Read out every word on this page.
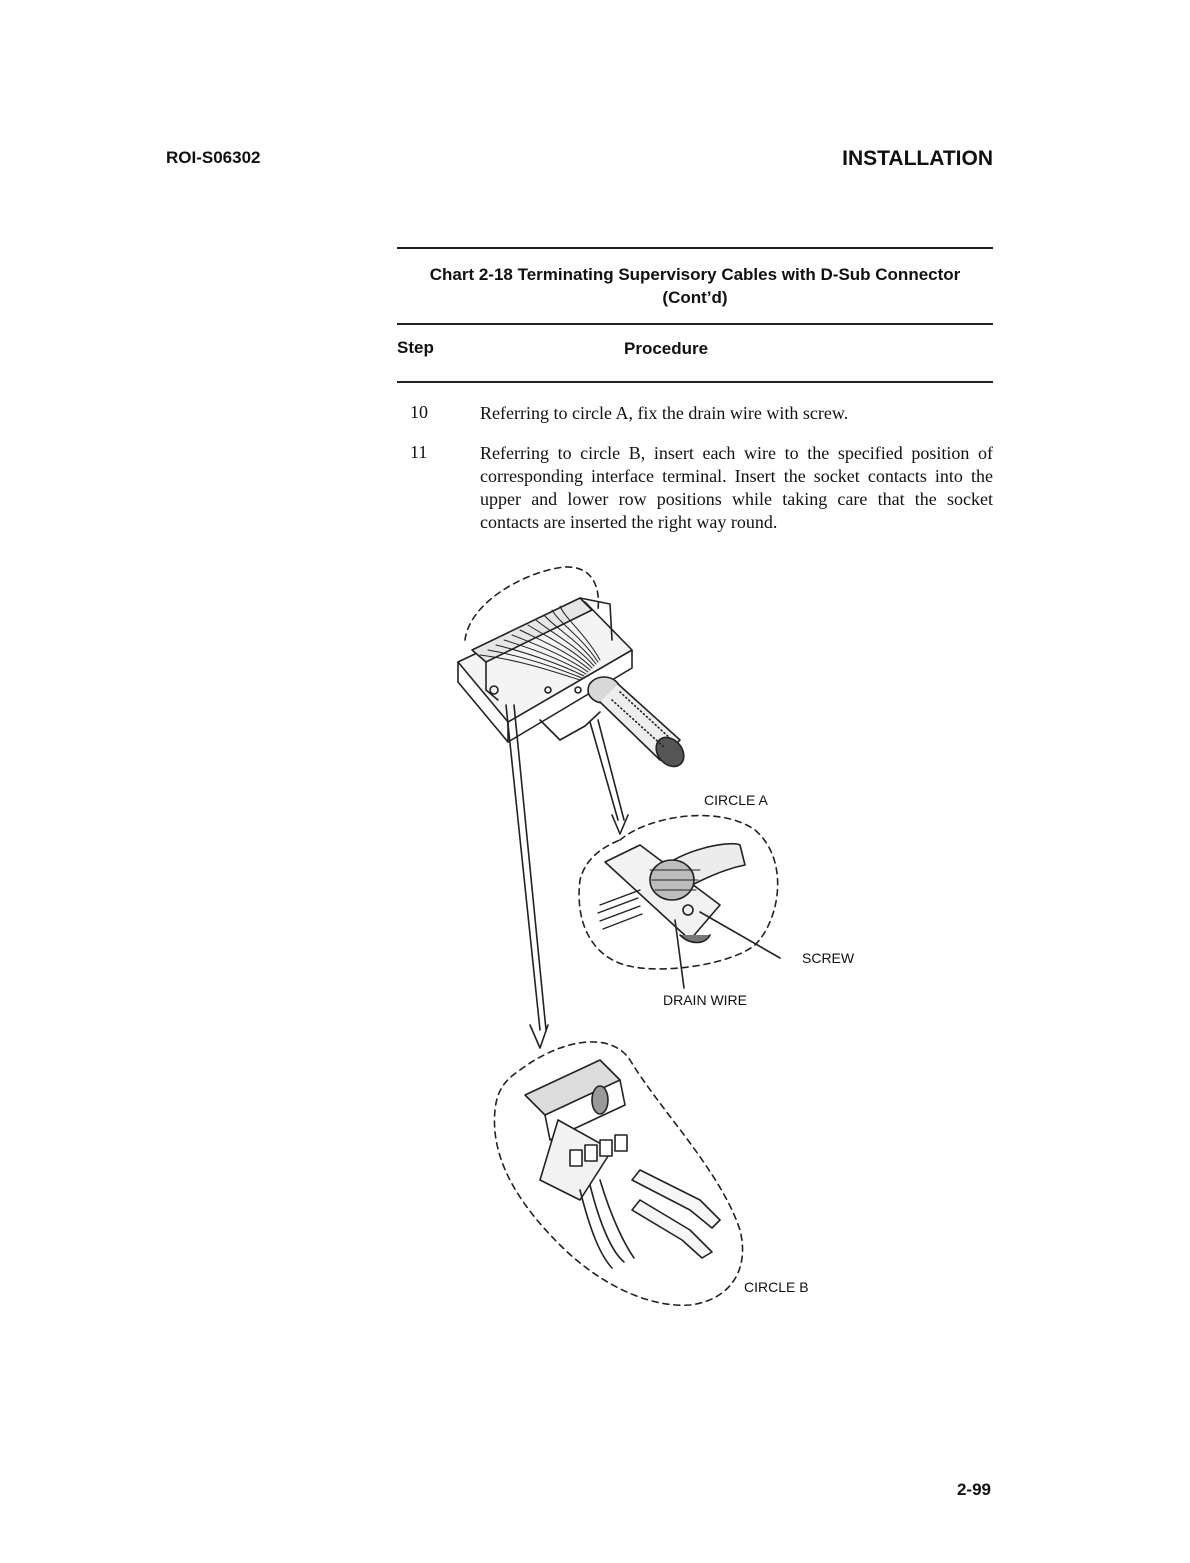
ROI-S06302	INSTALLATION
Chart 2-18 Terminating Supervisory Cables with D-Sub Connector
(Cont’d)
Step	Procedure
10	Referring to circle A, fix the drain wire with screw.
11	Referring to circle B, insert each wire to the specified position of corresponding interface terminal. Insert the socket contacts into the upper and lower row positions while taking care that the socket contacts are inserted the right way round.
CIRCLE A
SCREW
DRAIN WIRE
CIRCLE B
2-99
